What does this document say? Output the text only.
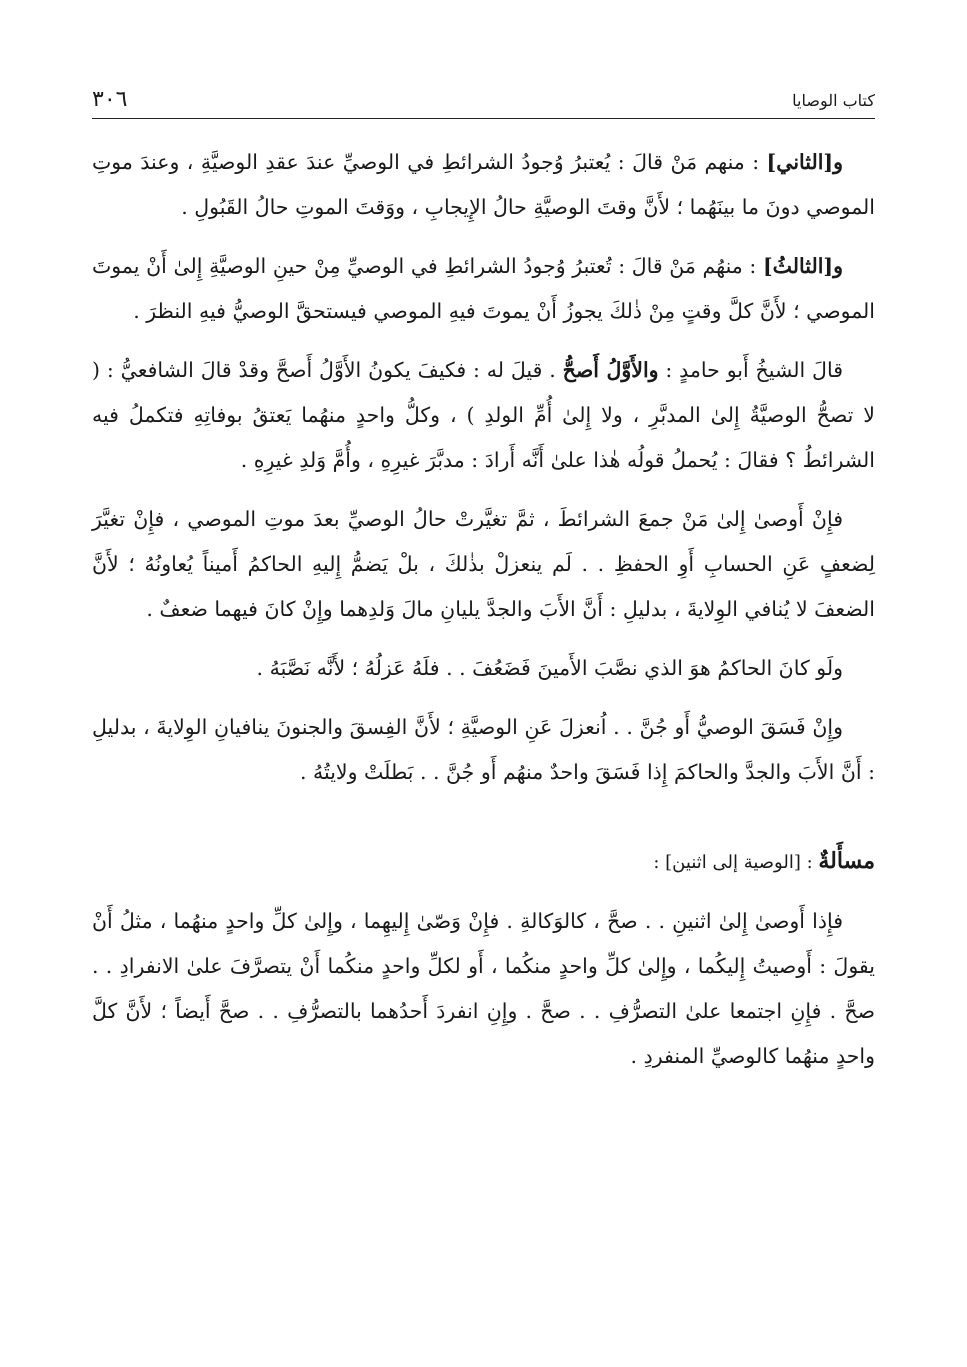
٣٠٦	كتاب الوصايا

و[الثاني] : منهم مَنْ قالَ : يُعتبرُ وُجودُ الشرائطِ في الوصيِّ عندَ عقدِ الوصيَّةِ ، وعندَ موتِ الموصي دونَ ما بينَهُما ؛ لأَنَّ وقتَ الوصيَّةِ حالُ الإِيجابِ ، ووَقتَ الموتِ حالُ القَبُولِ .

و[الثالثُ] : منهُم مَنْ قالَ : تُعتبرُ وُجودُ الشرائطِ في الوصيِّ مِنْ حينِ الوصيَّةِ إِلىٰ أَنْ يموتَ الموصي ؛ لأَنَّ كلَّ وقتٍ مِنْ ذٰلكَ يجوزُ أَنْ يموتَ فيهِ الموصي فيستحقَّ الوصيُّ فيهِ النظرَ .

قالَ الشيخُ أَبو حامدٍ : والأَوَّلُ أَصحُّ . قيلَ له : فكيفَ يكونُ الأَوَّلُ أَصحَّ وقدْ قالَ الشافعيُّ : ( لا تصحُّ الوصيَّةُ إِلىٰ المدبَّرِ ، ولا إِلىٰ أُمِّ الولدِ ) ، وكلُّ واحدٍ منهُما يَعتقُ بوفاتِهِ فتكملُ فيه الشرائطُ ؟ فقالَ : يُحملُ قولُه هٰذا علىٰ أَنَّه أَرادَ : مدبَّرَ غيرِهِ ، وأُمَّ وَلدِ غيرِهِ .

فإِنْ أَوصىٰ إِلىٰ مَنْ جمعَ الشرائطَ ، ثمَّ تغيَّرتْ حالُ الوصيِّ بعدَ موتِ الموصي ، فإِنْ تغيَّرَ لِضعفٍ عَنِ الحسابِ أَوِ الحفظِ . . لَم ينعزلْ بذٰلكَ ، بلْ يَضمُّ إِليهِ الحاكمُ أَميناً يُعاونُهُ ؛ لأَنَّ الضعفَ لا يُنافي الوِلايةَ ، بدليلِ : أَنَّ الأَبَ والجدَّ يليانِ مالَ وَلدِهما وإِنْ كانَ فيهما ضعفٌ .

ولَو كانَ الحاكمُ هوَ الذي نصَّبَ الأَمينَ فَضَعُفَ . . فلَهُ عَزلُهُ ؛ لأَنَّه نَصَّبَهُ .

وإِنْ فَسَقَ الوصيُّ أَو جُنَّ . . اُنعزلَ عَنِ الوصيَّةِ ؛ لأَنَّ الفِسقَ والجنونَ ينافيانِ الوِلايةَ ، بدليلِ : أَنَّ الأَبَ والجدَّ والحاكمَ إِذا فَسَقَ واحدٌ منهُم أَو جُنَّ . . بَطلَتْ ولايتُهُ .

مسأَلةٌ : [الوصية إلى اثنين] :

فإِذا أَوصىٰ إِلىٰ اثنينِ . . صحَّ ، كالوَكالةِ . فإِنْ وَصّىٰ إِليهِما ، وإِلىٰ كلِّ واحدٍ منهُما ، مثلُ أَنْ يقولَ : أَوصيتُ إِليكُما ، وإِلىٰ كلِّ واحدٍ منكُما ، أَو لكلِّ واحدٍ منكُما أَنْ يتصرَّفَ علىٰ الانفرادِ . . صحَّ . فإِنِ اجتمعا علىٰ التصرُّفِ . . صحَّ . وإِنِ انفردَ أَحدُهما بالتصرُّفِ . . صحَّ أَيضاً ؛ لأَنَّ كلَّ واحدٍ منهُما كالوصيِّ المنفردِ .
